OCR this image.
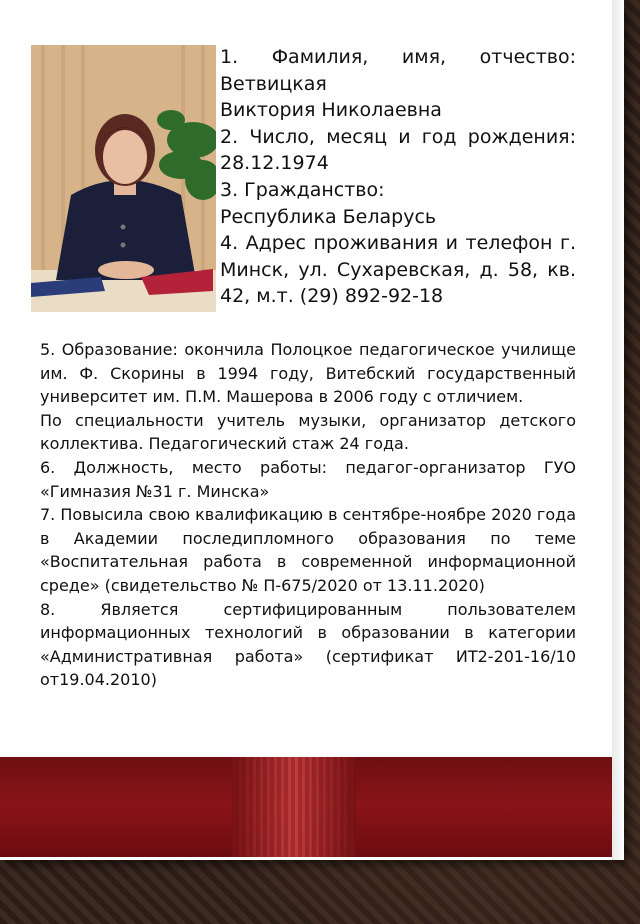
1. Фамилия, имя, отчество: Ветвицкая

Виктория Николаевна

2. Число, месяц и год рождения: 28.12.1974

3. Гражданство:

Республика Беларусь

4. Адрес проживания и телефон г. Минск, ул. Сухаревская, д. 58, кв. 42, м.т. (29) 892-92-18

5. Образование: окончила Полоцкое педагогическое училище им. Ф. Скорины в 1994 году, Витебский государственный университет им. П.М. Машерова в 2006 году с отличием.

По специальности учитель музыки, организатор детского коллектива. Педагогический стаж 24 года.

6. Должность, место работы: педагог-организатор ГУО «Гимназия №31 г. Минска»

7. Повысила свою квалификацию в сентябре-ноябре 2020 года в Академии последипломного образования по теме «Воспитательная работа в современной информационной среде» (свидетельство № П-675/2020 от 13.11.2020)

8. Является сертифицированным пользователем информационных технологий в образовании в категории «Административная работа» (сертификат ИТ2-201-16/10 от19.04.2010)
